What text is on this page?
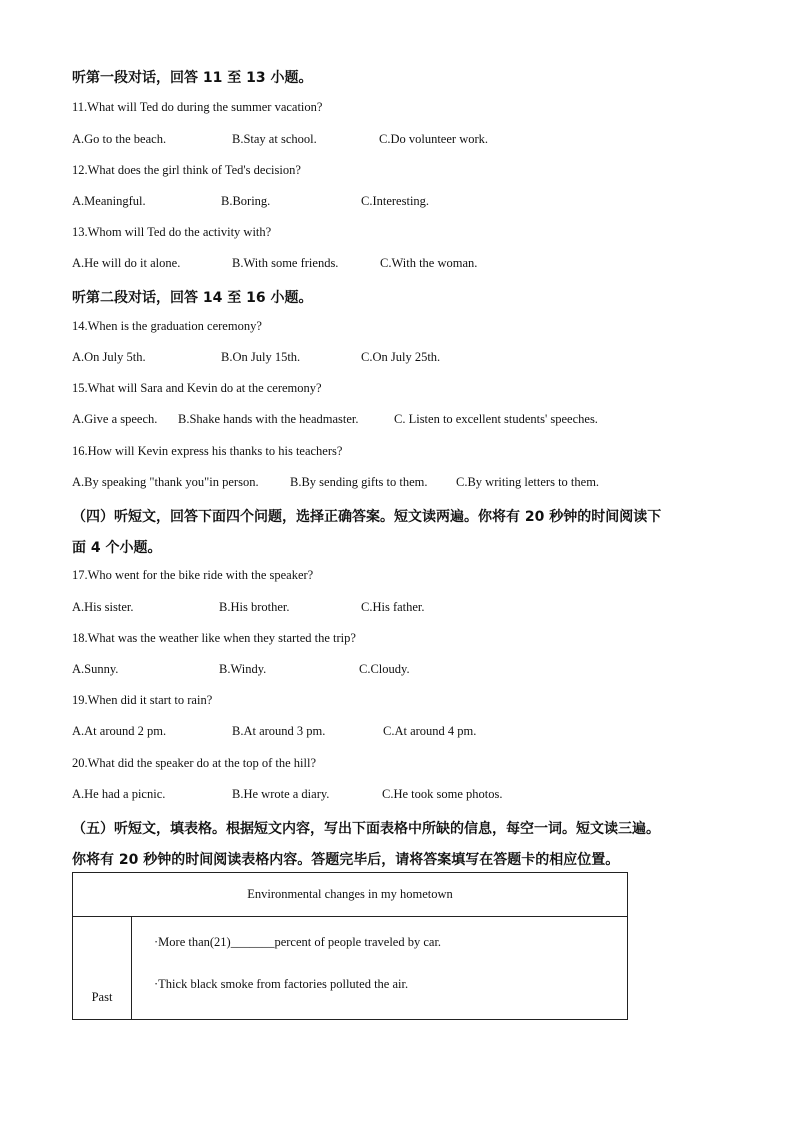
听第一段对话，回答 11 至 13 小题。
11.What will Ted do during the summer vacation?
A.Go to the beach.	B.Stay at school.	C.Do volunteer work.
12.What does the girl think of Ted's decision?
A.Meaningful.	B.Boring.	C.Interesting.
13.Whom will Ted do the activity with?
A.He will do it alone.	B.With some friends.	C.With the woman.
听第二段对话，回答 14 至 16 小题。
14.When is the graduation ceremony?
A.On July 5th.	B.On July 15th.	C.On July 25th.
15.What will Sara and Kevin do at the ceremony?
A.Give a speech. B.Shake hands with the headmaster.	C. Listen to excellent students' speeches.
16.How will Kevin express his thanks to his teachers?
A.By speaking "thank you"in person.	B.By sending gifts to them. C.By writing letters to them.
（四）听短文，回答下面四个问题，选择正确答案。短文读两遍。你将有 20 秒钟的时间阅读下
面 4 个小题。
17.Who went for the bike ride with the speaker?
A.His sister.	B.His brother.	C.His father.
18.What was the weather like when they started the trip?
A.Sunny.	B.Windy.	C.Cloudy.
19.When did it start to rain?
A.At around 2 pm.	B.At around 3 pm.	C.At around 4 pm.
20.What did the speaker do at the top of the hill?
A.He had a picnic.	B.He wrote a diary.	C.He took some photos.
（五）听短文，填表格。根据短文内容，写出下面表格中所缺的信息，每空一词。短文读三遍。
你将有 20 秒钟的时间阅读表格内容。答题完毕后，请将答案填写在答题卡的相应位置。
Environmental changes in my hometown
Past	
·More than(21)_______percent of people traveled by car.
·Thick black smoke from factories polluted the air.
